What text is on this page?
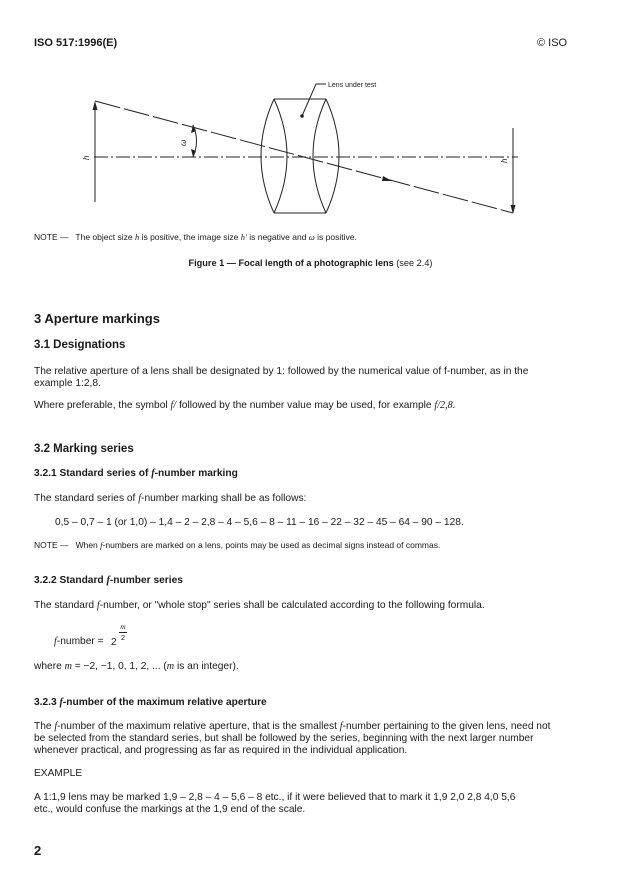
ISO 517:1996(E)	© ISO
Lens under test
h	h'
ω
NOTE — The object size h is positive, the image size h' is negative and ω is positive.
Figure 1 — Focal length of a photographic lens (see 2.4)
3 Aperture markings
3.1 Designations
The relative aperture of a lens shall be designated by 1: followed by the numerical value of f-number, as in the
example 1:2,8.
Where preferable, the symbol f/ followed by the number value may be used, for example f/2,8.
3.2 Marking series
3.2.1 Standard series of f-number marking
The standard series of f-number marking shall be as follows:
0,5 – 0,7 – 1 (or 1,0) – 1,4 – 2 – 2,8 – 4 – 5,6 – 8 – 11 – 16 – 22 – 32 – 45 – 64 – 90 – 128.
NOTE — When f-numbers are marked on a lens, points may be used as decimal signs instead of commas.
3.2.2 Standard f-number series
The standard f-number, or "whole stop" series shall be calculated according to the following formula.
f-number = 2
m
2
where m = −2, −1, 0, 1, 2, ... (m is an integer).
3.2.3 f-number of the maximum relative aperture
The f-number of the maximum relative aperture, that is the smallest f-number pertaining to the given lens, need not
be selected from the standard series, but shall be followed by the series, beginning with the next larger number
whenever practical, and progressing as far as required in the individual application.
EXAMPLE
A 1:1,9 lens may be marked 1,9 – 2,8 – 4 – 5,6 – 8 etc., if it were believed that to mark it 1,9 2,0 2,8 4,0 5,6
etc., would confuse the markings at the 1,9 end of the scale.
2
